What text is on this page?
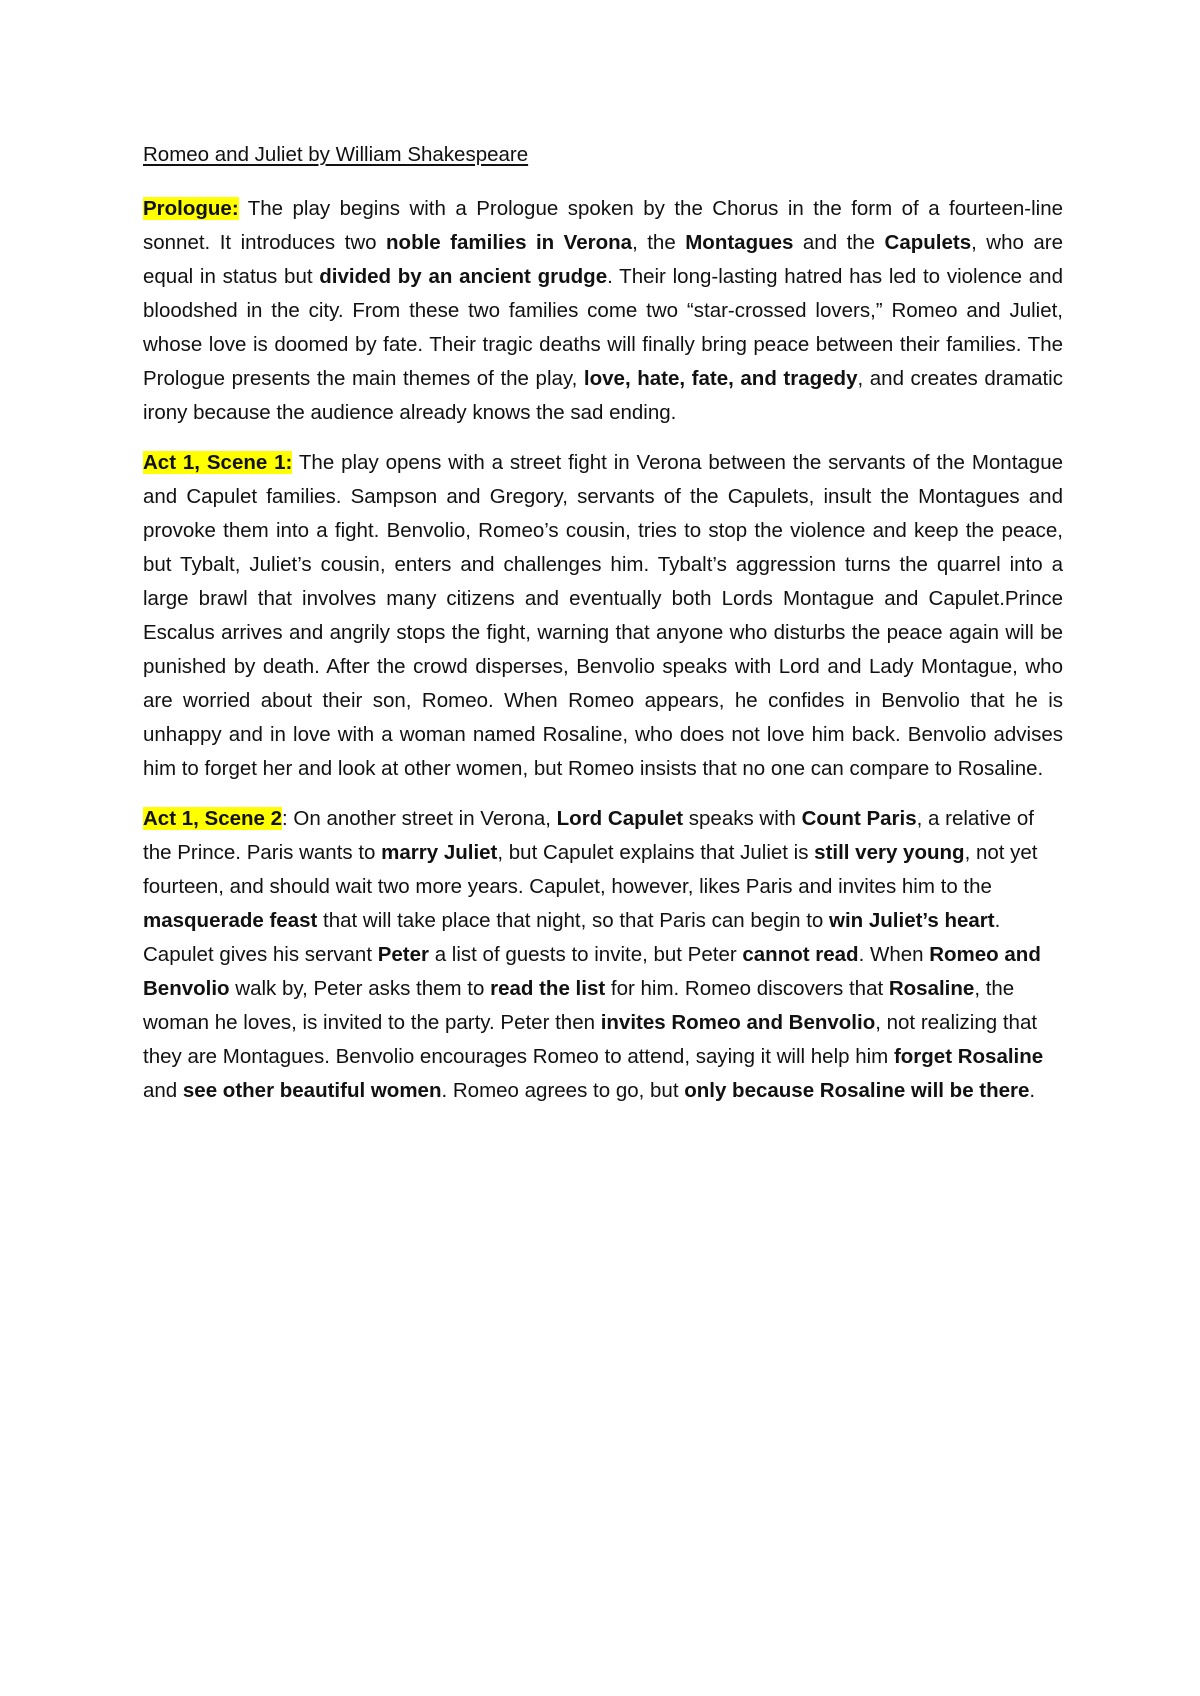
Romeo and Juliet by William Shakespeare

Prologue: The play begins with a Prologue spoken by the Chorus in the form of a fourteen-line sonnet. It introduces two noble families in Verona, the Montagues and the Capulets, who are equal in status but divided by an ancient grudge. Their long-lasting hatred has led to violence and bloodshed in the city. From these two families come two “star-crossed lovers,” Romeo and Juliet, whose love is doomed by fate. Their tragic deaths will finally bring peace between their families. The Prologue presents the main themes of the play, love, hate, fate, and tragedy, and creates dramatic irony because the audience already knows the sad ending.

Act 1, Scene 1: The play opens with a street fight in Verona between the servants of the Montague and Capulet families. Sampson and Gregory, servants of the Capulets, insult the Montagues and provoke them into a fight. Benvolio, Romeo’s cousin, tries to stop the violence and keep the peace, but Tybalt, Juliet’s cousin, enters and challenges him. Tybalt’s aggression turns the quarrel into a large brawl that involves many citizens and eventually both Lords Montague and Capulet.Prince Escalus arrives and angrily stops the fight, warning that anyone who disturbs the peace again will be punished by death. After the crowd disperses, Benvolio speaks with Lord and Lady Montague, who are worried about their son, Romeo. When Romeo appears, he confides in Benvolio that he is unhappy and in love with a woman named Rosaline, who does not love him back. Benvolio advises him to forget her and look at other women, but Romeo insists that no one can compare to Rosaline.

Act 1, Scene 2: On another street in Verona, Lord Capulet speaks with Count Paris, a relative of the Prince. Paris wants to marry Juliet, but Capulet explains that Juliet is still very young, not yet fourteen, and should wait two more years. Capulet, however, likes Paris and invites him to the masquerade feast that will take place that night, so that Paris can begin to win Juliet’s heart. Capulet gives his servant Peter a list of guests to invite, but Peter cannot read. When Romeo and Benvolio walk by, Peter asks them to read the list for him. Romeo discovers that Rosaline, the woman he loves, is invited to the party. Peter then invites Romeo and Benvolio, not realizing that they are Montagues. Benvolio encourages Romeo to attend, saying it will help him forget Rosaline and see other beautiful women. Romeo agrees to go, but only because Rosaline will be there.
